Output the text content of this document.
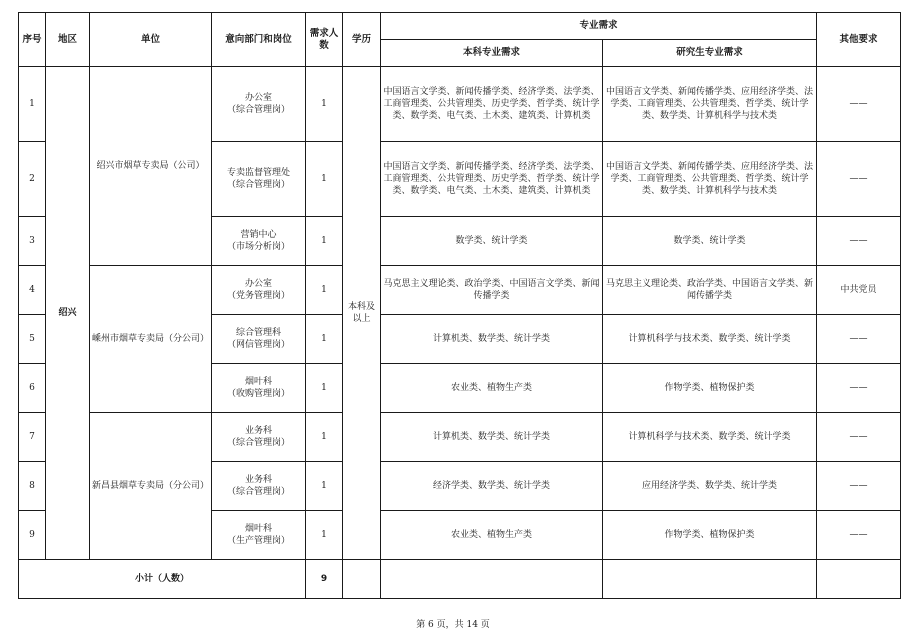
序号	地区	单位	意向部门和岗位	需求人数	学历	专业需求		其他要求
						本科专业需求	研究生专业需求	
1	绍兴	绍兴市烟草专卖局（公司）	办公室
（综合管理岗）	1	本科及以上	中国语言文学类、新闻传播学类、经济学类、法学类、工商管理类、公共管理类、历史学类、哲学类、统计学类、数学类、电气类、土木类、建筑类、计算机类	中国语言文学类、新闻传播学类、应用经济学类、法学类、工商管理类、公共管理类、哲学类、统计学类、数学类、计算机科学与技术类	——
2			专卖监督管理处
（综合管理岗）	1		中国语言文学类、新闻传播学类、经济学类、法学类、工商管理类、公共管理类、历史学类、哲学类、统计学类、数学类、电气类、土木类、建筑类、计算机类	中国语言文学类、新闻传播学类、应用经济学类、法学类、工商管理类、公共管理类、哲学类、统计学类、数学类、计算机科学与技术类	——
3			营销中心
（市场分析岗）	1		数学类、统计学类	数学类、统计学类	——
4		嵊州市烟草专卖局（分公司）	办公室
（党务管理岗）	1		马克思主义理论类、政治学类、中国语言文学类、新闻传播学类	马克思主义理论类、政治学类、中国语言文学类、新闻传播学类	中共党员
5			综合管理科
（网信管理岗）	1		计算机类、数学类、统计学类	计算机科学与技术类、数学类、统计学类	——
6			烟叶科
（收购管理岗）	1		农业类、植物生产类	作物学类、植物保护类	——
7		新昌县烟草专卖局（分公司）	业务科
（综合管理岗）	1		计算机类、数学类、统计学类	计算机科学与技术类、数学类、统计学类	——
8			业务科
（综合管理岗）	1		经济学类、数学类、统计学类	应用经济学类、数学类、统计学类	——
9			烟叶科
（生产管理岗）	1		农业类、植物生产类	作物学类、植物保护类	——
小计（人数）				9				
第 6 页，共 14 页
